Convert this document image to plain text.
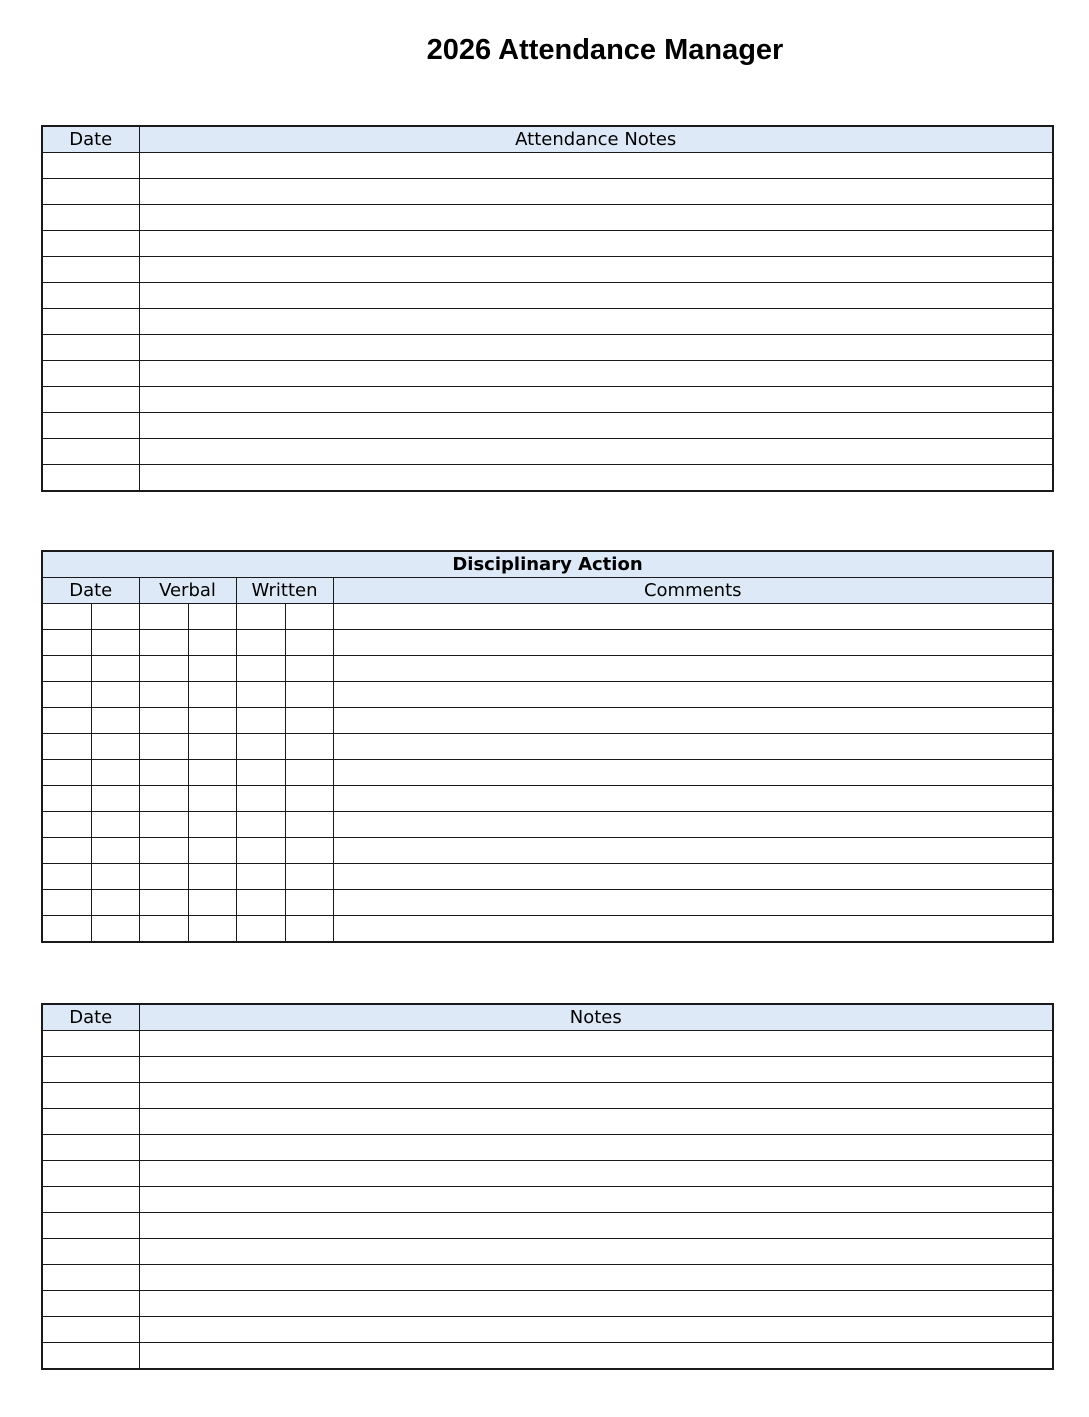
2026 Attendance Manager
Date	Attendance Notes

Disciplinary Action						
Date		Verbal		Written		Comments

Date	Notes
